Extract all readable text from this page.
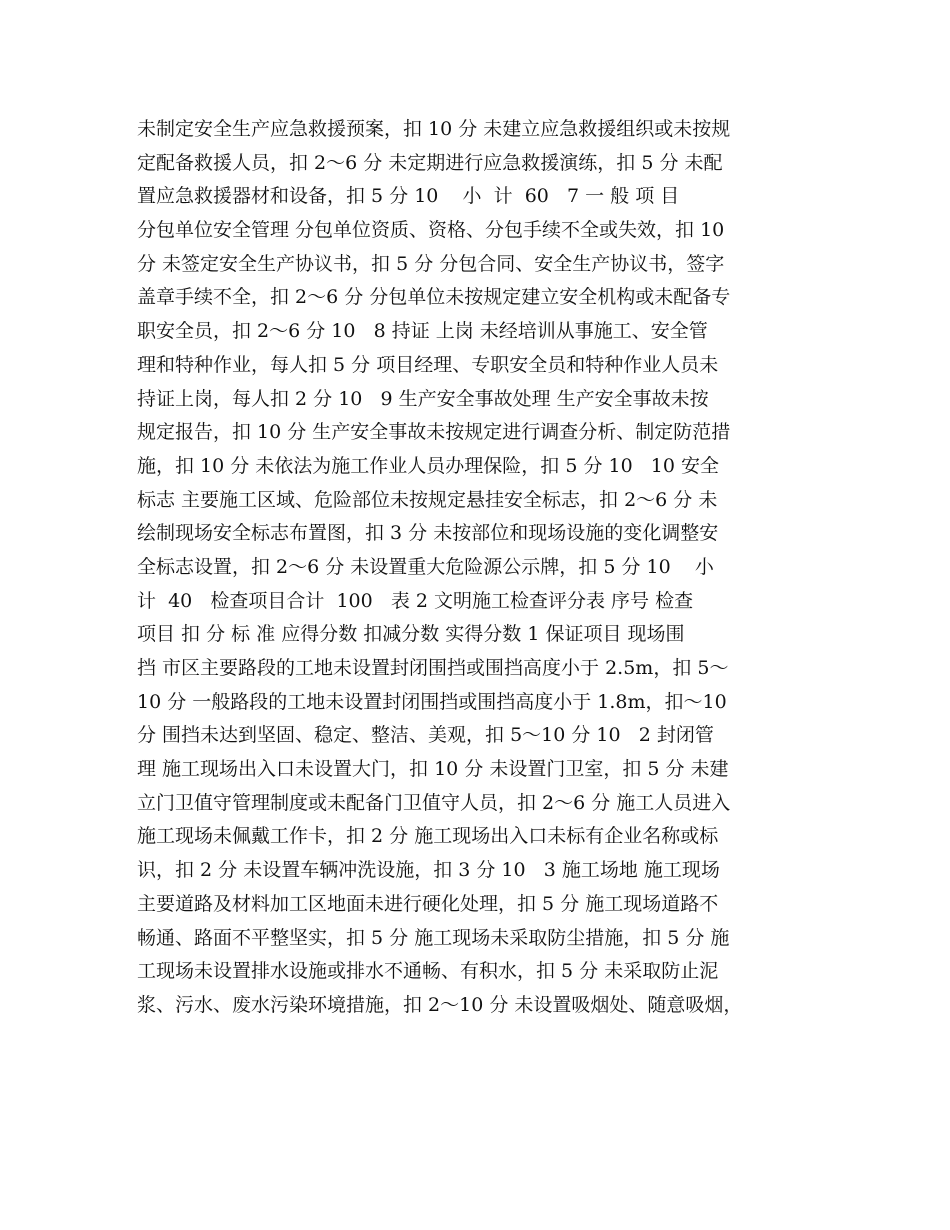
未制定安全生产应急救援预案，扣 10 分 未建立应急救援组织或未按规
定配备救援人员，扣 2～6 分 未定期进行应急救援演练，扣 5 分 未配
置应急救援器材和设备，扣 5 分 10    小  计  60   7 一 般 项 目
分包单位安全管理 分包单位资质、资格、分包手续不全或失效，扣 10
分 未签定安全生产协议书，扣 5 分 分包合同、安全生产协议书，签字
盖章手续不全，扣 2～6 分 分包单位未按规定建立安全机构或未配备专
职安全员，扣 2～6 分 10   8 持证 上岗 未经培训从事施工、安全管
理和特种作业，每人扣 5 分 项目经理、专职安全员和特种作业人员未
持证上岗，每人扣 2 分 10   9 生产安全事故处理 生产安全事故未按
规定报告，扣 10 分 生产安全事故未按规定进行调查分析、制定防范措
施，扣 10 分 未依法为施工作业人员办理保险，扣 5 分 10   10 安全
标志 主要施工区域、危险部位未按规定悬挂安全标志，扣 2～6 分 未
绘制现场安全标志布置图，扣 3 分 未按部位和现场设施的变化调整安
全标志设置，扣 2～6 分 未设置重大危险源公示牌，扣 5 分 10    小
计  40   检查项目合计  100   表 2 文明施工检查评分表 序号 检查
项目 扣 分 标 准 应得分数 扣减分数 实得分数 1 保证项目 现场围
挡 市区主要路段的工地未设置封闭围挡或围挡高度小于 2.5m，扣 5～
10 分 一般路段的工地未设置封闭围挡或围挡高度小于 1.8m，扣～10
分 围挡未达到坚固、稳定、整洁、美观，扣 5～10 分 10   2 封闭管
理 施工现场出入口未设置大门，扣 10 分 未设置门卫室，扣 5 分 未建
立门卫值守管理制度或未配备门卫值守人员，扣 2～6 分 施工人员进入
施工现场未佩戴工作卡，扣 2 分 施工现场出入口未标有企业名称或标
识，扣 2 分 未设置车辆冲洗设施，扣 3 分 10   3 施工场地 施工现场
主要道路及材料加工区地面未进行硬化处理，扣 5 分 施工现场道路不
畅通、路面不平整坚实，扣 5 分 施工现场未采取防尘措施，扣 5 分 施
工现场未设置排水设施或排水不通畅、有积水，扣 5 分 未采取防止泥
浆、污水、废水污染环境措施，扣 2～10 分 未设置吸烟处、随意吸烟，
